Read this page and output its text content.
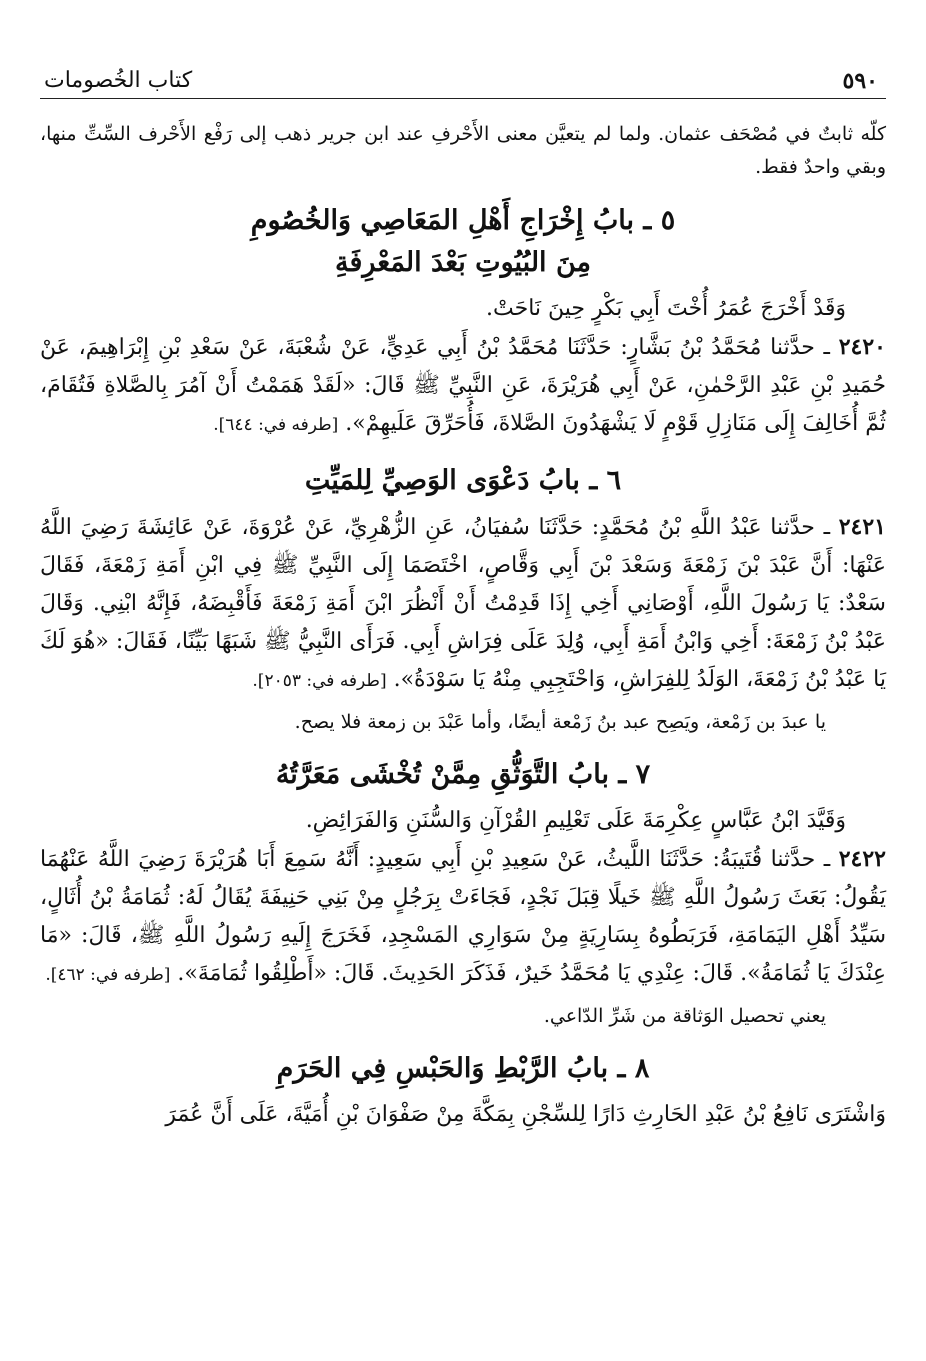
٥٩٠
كتاب الخُصومات

كلّه ثابتٌ في مُصْحَف عثمان. ولما لم يتعيَّن معنى الأَحْرفِ عند ابن جرير ذهب إلى رَفْع الأَحْرف السِّتِّ منها، وبقي واحدٌ فقط.

٥ ـ بابُ إِخْرَاجِ أَهْلِ المَعَاصِي وَالخُصُومِ
مِنَ البُيُوتِ بَعْدَ المَعْرِفَةِ

وَقَدْ أَخْرَجَ عُمَرُ أُخْتَ أَبِي بَكْرٍ حِينَ نَاحَتْ.

٢٤٢٠ ـ حدَّثنا مُحَمَّدُ بْنُ بَشَّارٍ: حَدَّثَنَا مُحَمَّدُ بْنُ أَبِي عَدِيٍّ، عَنْ شُعْبَةَ، عَنْ سَعْدِ بْنِ إِبْرَاهِيمَ، عَنْ حُمَيدِ بْنِ عَبْدِ الرَّحْمٰنِ، عَنْ أَبِي هُرَيْرَةَ، عَنِ النَّبِيِّ ﷺ قَالَ: «لَقَدْ هَمَمْتُ أَنْ آمُرَ بِالصَّلاةِ فَتُقَامَ، ثُمَّ أُخَالِفَ إِلَى مَنَازِلِ قَوْمٍ لَا يَشْهَدُونَ الصَّلاةَ، فَأُحَرِّقَ عَلَيهِمْ». [طرفه في: ٦٤٤].

٦ ـ بابُ دَعْوَى الوَصِيِّ لِلمَيِّتِ

٢٤٢١ ـ حدَّثنا عَبْدُ اللَّهِ بْنُ مُحَمَّدٍ: حَدَّثَنَا سُفيَانُ، عَنِ الزُّهْرِيِّ، عَنْ عُرْوَةَ، عَنْ عَائِشَةَ رَضِيَ اللَّهُ عَنْهَا: أَنَّ عَبْدَ بْنَ زَمْعَةَ وَسَعْدَ بْنَ أَبِي وَقَّاصٍ، اخْتَصَمَا إِلَى النَّبِيِّ ﷺ فِي ابْنِ أَمَةِ زَمْعَةَ، فَقَالَ سَعْدٌ: يَا رَسُولَ اللَّهِ، أَوْصَانِي أَخِي إِذَا قَدِمْتُ أَنْ أَنْظُرَ ابْنَ أَمَةِ زَمْعَةَ فَأَقْبِضَهُ، فَإِنَّهُ ابْنِي. وَقَالَ عَبْدُ بْنُ زَمْعَةَ: أَخِي وَابْنُ أَمَةِ أَبِي، وُلِدَ عَلَى فِرَاشِ أَبِي. فَرَأَى النَّبِيُّ ﷺ شَبَهًا بَيِّنًا، فَقَالَ: «هُوَ لَكَ يَا عَبْدُ بْنُ زَمْعَةَ، الوَلَدُ لِلفِرَاشِ، وَاحْتَجِبِي مِنْهُ يَا سَوْدَةُ». [طرفه في: ٢٠٥٣].

يا عبدَ بن زَمْعة، ويَصِح عبد بنُ زَمْعة أيضًا، وأما عَبْدَ بن زمعة فلا يصح.

٧ ـ بابُ التَّوَثُّقِ مِمَّنْ تُخْشَى مَعَرَّتُهُ

وَقَيَّدَ ابْنُ عَبَّاسٍ عِكْرِمَةَ عَلَى تَعْلِيمِ القُرْآنِ وَالسُّنَنِ وَالفَرَائِضِ.

٢٤٢٢ ـ حدَّثنا قُتَيبَةُ: حَدَّثَنَا اللَّيثُ، عَنْ سَعِيدِ بْنِ أَبِي سَعِيدٍ: أَنَّهُ سَمِعَ أَبَا هُرَيْرَةَ رَضِيَ اللَّهُ عَنْهُمَا يَقُولُ: بَعَثَ رَسُولُ اللَّهِ ﷺ خَيلًا قِبَلَ نَجْدٍ، فَجَاءَتْ بِرَجُلٍ مِنْ بَنِي حَنِيفَةَ يُقَالُ لَهُ: ثُمَامَةُ بْنُ أُثَالٍ، سَيِّدُ أَهْلِ اليَمَامَةِ، فَرَبَطُوهُ بِسَارِيَةٍ مِنْ سَوَارِي المَسْجِدِ، فَخَرَجَ إِلَيهِ رَسُولُ اللَّهِ ﷺ، قَالَ: «مَا عِنْدَكَ يَا ثُمَامَةُ». قَالَ: عِنْدِي يَا مُحَمَّدُ خَيرٌ، فَذَكَرَ الحَدِيثَ. قَالَ: «أَطْلِقُوا ثُمَامَةَ». [طرفه في: ٤٦٢].

يعني تحصيل الوَثاقة من شَرِّ الدّاعي.

٨ ـ بابُ الرَّبْطِ وَالحَبْسِ فِي الحَرَمِ

وَاشْتَرَى نَافِعُ بْنُ عَبْدِ الحَارِثِ دَارًا لِلسِّجْنِ بِمَكَّةَ مِنْ صَفْوَانَ بْنِ أُمَيَّةَ، عَلَى أَنَّ عُمَرَ
